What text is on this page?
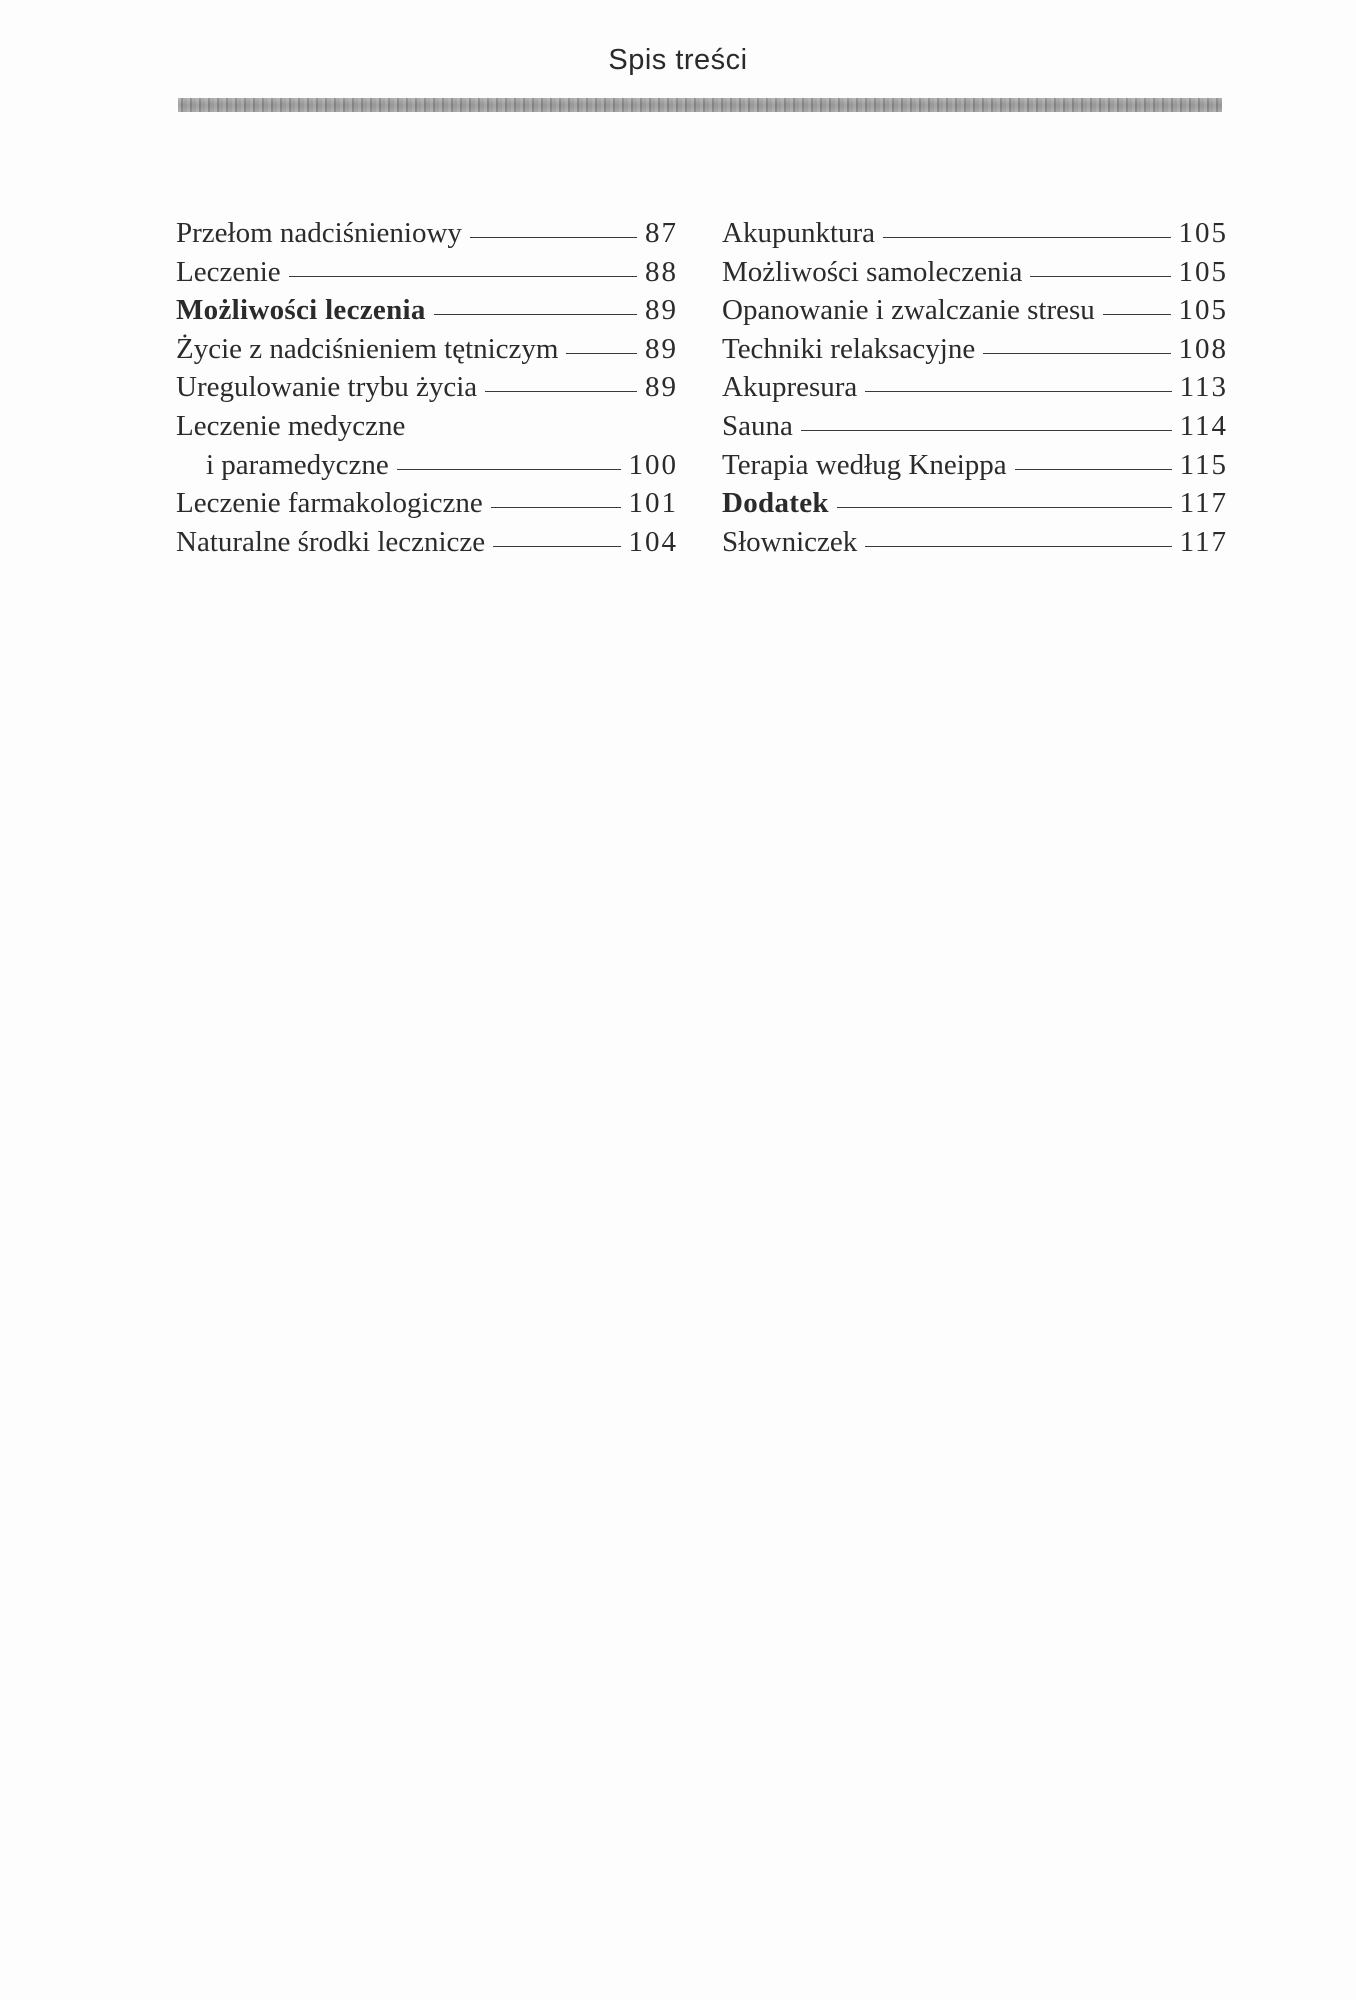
Spis treści
Przełom nadciśnieniowy	87
Leczenie	88
Możliwości leczenia	89
Życie z nadciśnieniem tętniczym	89
Uregulowanie trybu życia	89
Leczenie medyczne
i paramedyczne	100
Leczenie farmakologiczne	101
Naturalne środki lecznicze	104
Akupunktura	105
Możliwości samoleczenia	105
Opanowanie i zwalczanie stresu	105
Techniki relaksacyjne	108
Akupresura	113
Sauna	114
Terapia według Kneippa	115
Dodatek	117
Słowniczek	117
